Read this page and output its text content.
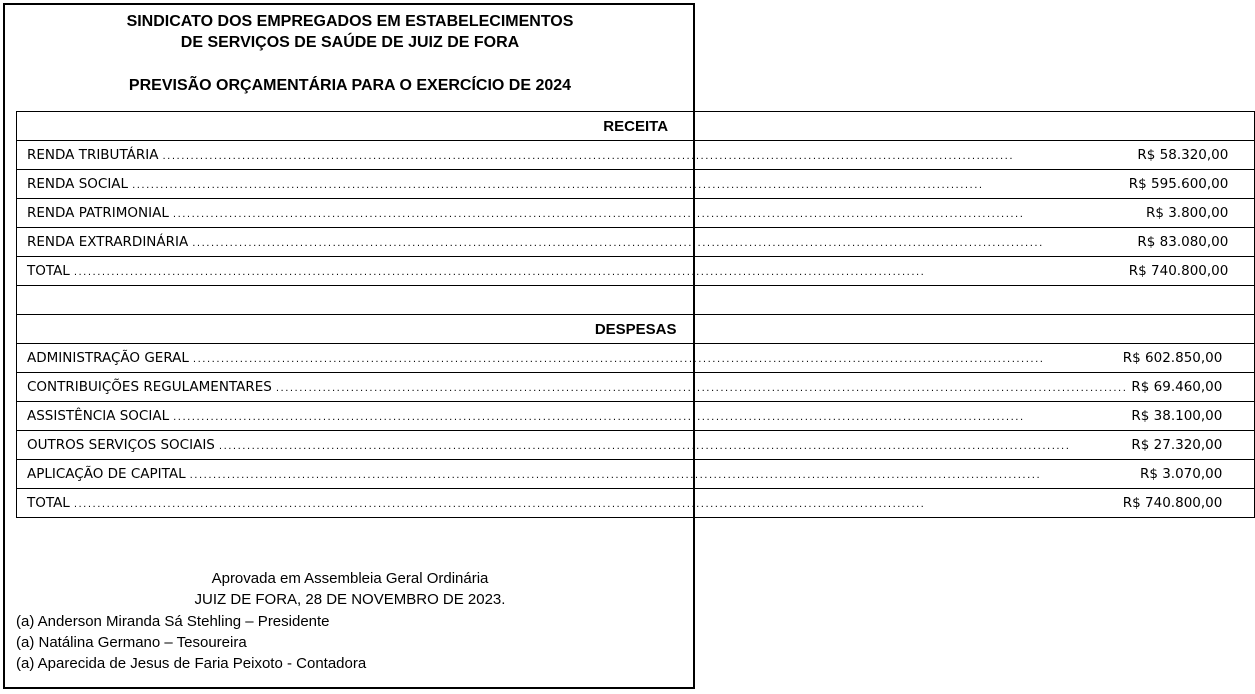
SINDICATO DOS EMPREGADOS EM ESTABELECIMENTOS
DE SERVIÇOS DE SAÚDE DE JUIZ DE FORA
PREVISÃO ORÇAMENTÁRIA PARA O EXERCÍCIO DE 2024
RECEITA

RENDA TRIBUTÁRIA .....	R$ 58.320,00

RENDA SOCIAL .....	R$ 595.600,00

RENDA PATRIMONIAL .....	R$ 3.800,00

RENDA EXTRARDINÁRIA .....	R$ 83.080,00

TOTAL .....	R$ 740.800,00

DESPESAS

ADMINISTRAÇÃO GERAL .....	R$ 602.850,00

CONTRIBUIÇÕES REGULAMENTARES .....	R$ 69.460,00

ASSISTÊNCIA SOCIAL .....	R$ 38.100,00

OUTROS SERVIÇOS SOCIAIS .....	R$ 27.320,00

APLICAÇÃO DE CAPITAL .....	R$ 3.070,00

TOTAL .....	R$ 740.800,00
Aprovada em Assembleia Geral Ordinária
JUIZ DE FORA, 28 DE NOVEMBRO DE 2023.
(a) Anderson Miranda Sá Stehling – Presidente
(a) Natálina Germano – Tesoureira
(a) Aparecida de Jesus de Faria Peixoto - Contadora
